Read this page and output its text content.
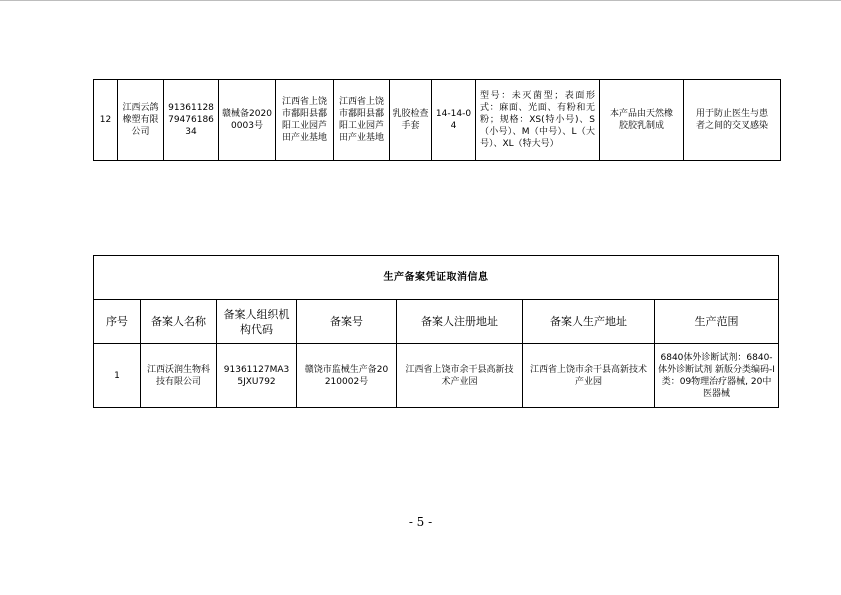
12	江西云鸽橡塑有限公司	9136112879476186 34	赣械备20200003号	江西省上饶市鄱阳县鄱阳工业园芦田产业基地	江西省上饶市鄱阳县鄱阳工业园芦田产业基地	乳胶检查手套	14-14-04	型号：未灭菌型；表面形式：麻面、光面、有粉和无粉；规格：XS(特小号)、S（小号）、M（中号）、L（大号）、XL（特大号）	本产品由天然橡胶胶乳制成	用于防止医生与患者之间的交叉感染
生产备案凭证取消信息						
序号	备案人名称	备案人组织机构代码	备案号	备案人注册地址	备案人生产地址	生产范围
1	江西沃润生物科技有限公司	91361127MA35JXU792	赣饶市监械生产备20210002号	江西省上饶市余干县高新技术产业园	江西省上饶市余干县高新技术产业园	6840体外诊断试剂：6840-体外诊断试剂 新版分类编码-Ⅰ类：09物理治疗器械, 20中医器械
- 5 -
